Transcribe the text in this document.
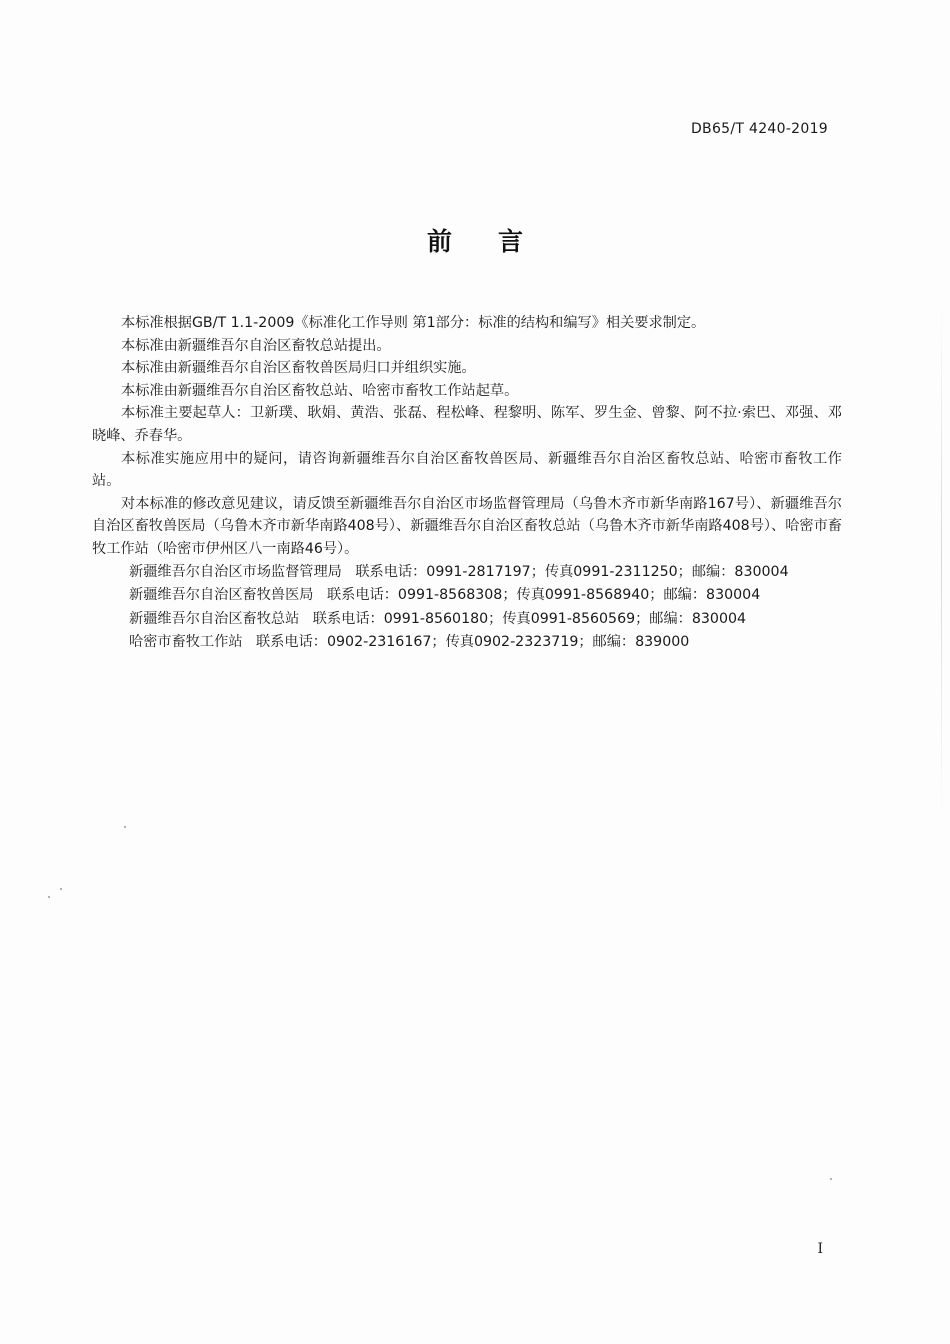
DB65/T 4240-2019
前言

本标准根据GB/T 1.1-2009《标准化工作导则 第1部分：标准的结构和编写》相关要求制定。

本标准由新疆维吾尔自治区畜牧总站提出。

本标准由新疆维吾尔自治区畜牧兽医局归口并组织实施。

本标准由新疆维吾尔自治区畜牧总站、哈密市畜牧工作站起草。

本标准主要起草人：卫新璞、耿娟、黄浩、张磊、程松峰、程黎明、陈军、罗生金、曾黎、阿不拉·索巴、邓强、邓晓峰、乔春华。

本标准实施应用中的疑问，请咨询新疆维吾尔自治区畜牧兽医局、新疆维吾尔自治区畜牧总站、哈密市畜牧工作站。

对本标准的修改意见建议，请反馈至新疆维吾尔自治区市场监督管理局（乌鲁木齐市新华南路167号）、新疆维吾尔自治区畜牧兽医局（乌鲁木齐市新华南路408号）、新疆维吾尔自治区畜牧总站（乌鲁木齐市新华南路408号）、哈密市畜牧工作站（哈密市伊州区八一南路46号）。

新疆维吾尔自治区市场监督管理局 联系电话：0991-2817197；传真0991-2311250；邮编：830004

新疆维吾尔自治区畜牧兽医局 联系电话：0991-8568308；传真0991-8568940；邮编：830004

新疆维吾尔自治区畜牧总站 联系电话：0991-8560180；传真0991-8560569；邮编：830004

哈密市畜牧工作站 联系电话：0902-2316167；传真0902-2323719；邮编：839000

I
